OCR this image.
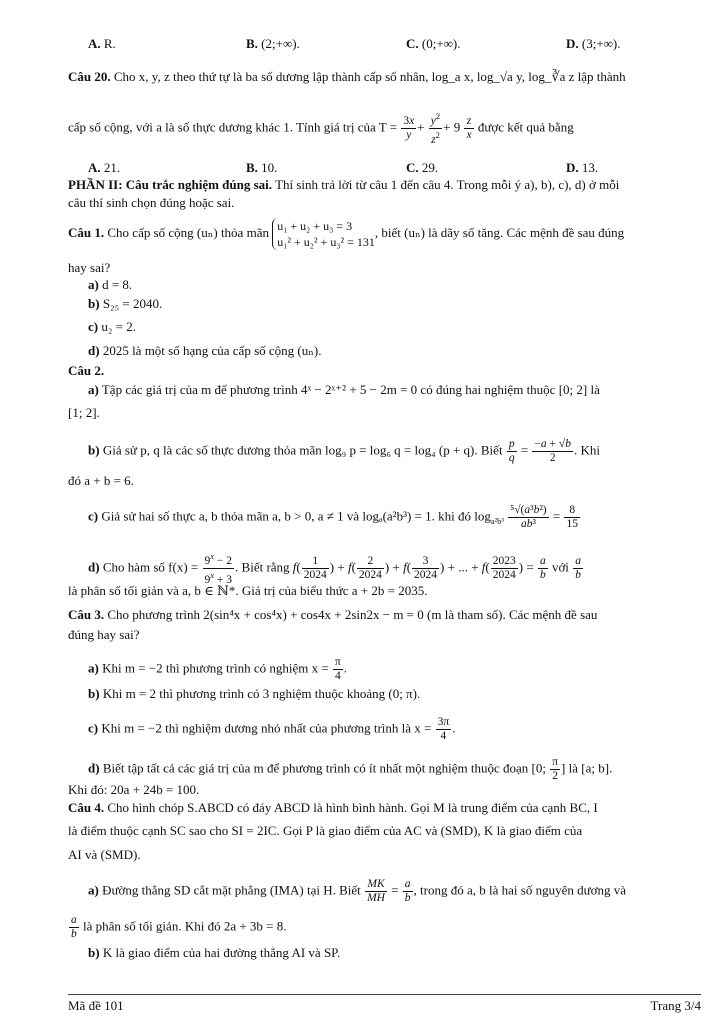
A. R.	B. (2;+∞).	C. (0;+∞).	D. (3;+∞).
Câu 20. Cho x, y, z theo thứ tự là ba số dương lập thành cấp số nhân, log_a x, log_√a y, log_∛a z lập thành
cấp số cộng, với a là số thực dương khác 1. Tính giá trị của $T = \frac{3x}{y} + \frac{y^2}{z^2} + 9 \frac{z}{x}$ được kết quả bằng
A. 21.	B. 10.	C. 29.	D. 13.
PHẦN II: Câu trắc nghiệm đúng sai. Thí sinh trả lời từ câu 1 đến câu 4. Trong mỗi ý a), b), c), d) ở mỗi
câu thí sinh chọn đúng hoặc sai.
Câu 1. Cho cấp số cộng (uₙ) thỏa mãn u₁ + u₂ + u₃ = 3
u₁² + u₂² + u₃² = 131
, biết (uₙ) là dãy số tăng. Các mệnh đề sau đúng
hay sai?
a) d = 8.
b) S₂₅ = 2040.
c) u₂ = 2.
d) 2025 là một số hạng của cấp số cộng (uₙ).
Câu 2.
a) Tập các giá trị của m để phương trình 4ˣ − 2ˣ⁺² + 5 − 2m = 0 có đúng hai nghiệm thuộc [0; 2] là
[1; 2].
b) Giả sử p, q là các số thực dương thỏa mãn log₉ p = log₆ q = log₄ (p + q). Biết $\frac{p}{q} = \frac{-a + √b}{2}$ . Khi
đó a + b = 6.
c) Giả sử hai số thực a, b thỏa mãn a, b > 0, a ≠ 1 và logₐ(a²b³) = 1. khi đó $\log_{a^2b^3} \frac{\text{⁵√(a³b²)}}{\text{ab³}} = \frac{8}{15}$
d) Cho hàm số $f(x) = \frac{9^x - 2}{9^x + 3}$ . Biết rằng $f( \frac{1}{2024}$ ) + $f( \frac{2}{2024}$ ) + $f( \frac{3}{2024}$ ) + ... + $f( \frac{2023}{2024}$ ) = $\frac{a}{b}$ với $\frac{a}{b}$
là phân số tối giản và a, b ∈ ℕ*. Giá trị của biểu thức a + 2b = 2035.
Câu 3. Cho phương trình 2(sin⁴x + cos⁴x) + cos4x + 2sin2x − m = 0 (m là tham số). Các mệnh đề sau
đúng hay sai?
a) Khi m = −2 thì phương trình có nghiệm $x = \frac{\pi}{4}$ .
b) Khi m = 2 thì phương trình có 3 nghiệm thuộc khoảng (0; π).
c) Khi m = −2 thì nghiệm dương nhỏ nhất của phương trình là $x = \frac{3\pi}{4}$ .
d) Biết tập tất cả các giá trị của m để phương trình có ít nhất một nghiệm thuộc đoạn [0; $\frac{\pi}{2}$ ] là [a; b].
Khi đó: 20a + 24b = 100.
Câu 4. Cho hình chóp S.ABCD có đáy ABCD là hình bình hành. Gọi M là trung điểm của cạnh BC, I
là điểm thuộc cạnh SC sao cho SI = 2IC. Gọi P là giao điểm của AC và (SMD), K là giao điểm của
AI và (SMD).
a) Đường thẳng SD cắt mặt phẳng (IMA) tại H. Biết $\frac{MK}{MH} = \frac{a}{b}$ , trong đó a, b là hai số nguyên dương và
$\frac{a}{b}$ là phân số tối giản. Khi đó 2a + 3b = 8.
b) K là giao điểm của hai đường thẳng AI và SP.
Mã đề 101	Trang 3/4
